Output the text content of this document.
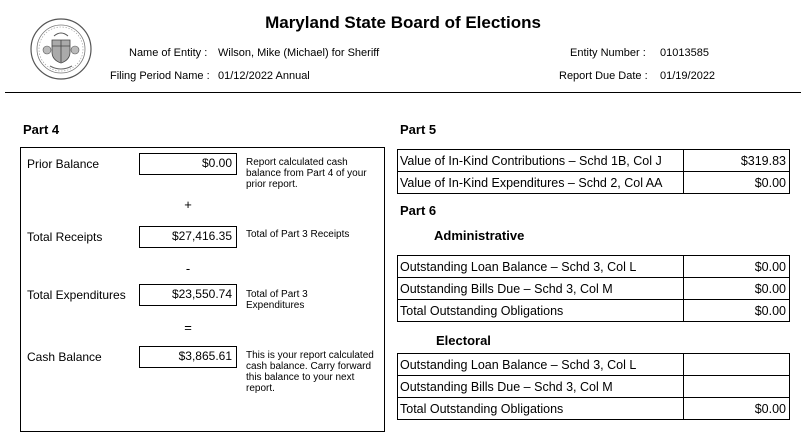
Maryland State Board of Elections
Name of Entity : Wilson, Mike (Michael) for Sheriff
Filing Period Name : 01/12/2022 Annual
Entity Number : 01013585
Report Due Date : 01/19/2022
Part 4
Prior Balance	$0.00	Report calculated cash balance from Part 4 of your prior report.
+
Total Receipts	$27,416.35	Total of Part 3 Receipts
-
Total Expenditures	$23,550.74	Total of Part 3 Expenditures
=
Cash Balance	$3,865.61	This is your report calculated cash balance. Carry forward this balance to your next report.
Part 5
Value of In-Kind Contributions – Schd 1B, Col J	$319.83
Value of In-Kind Expenditures – Schd 2, Col AA	$0.00
Part 6
Administrative
Outstanding Loan Balance – Schd 3, Col L	$0.00
Outstanding Bills Due – Schd 3, Col M	$0.00
Total Outstanding Obligations	$0.00
Electoral
Outstanding Loan Balance – Schd 3, Col L	
Outstanding Bills Due – Schd 3, Col M	
Total Outstanding Obligations	$0.00
